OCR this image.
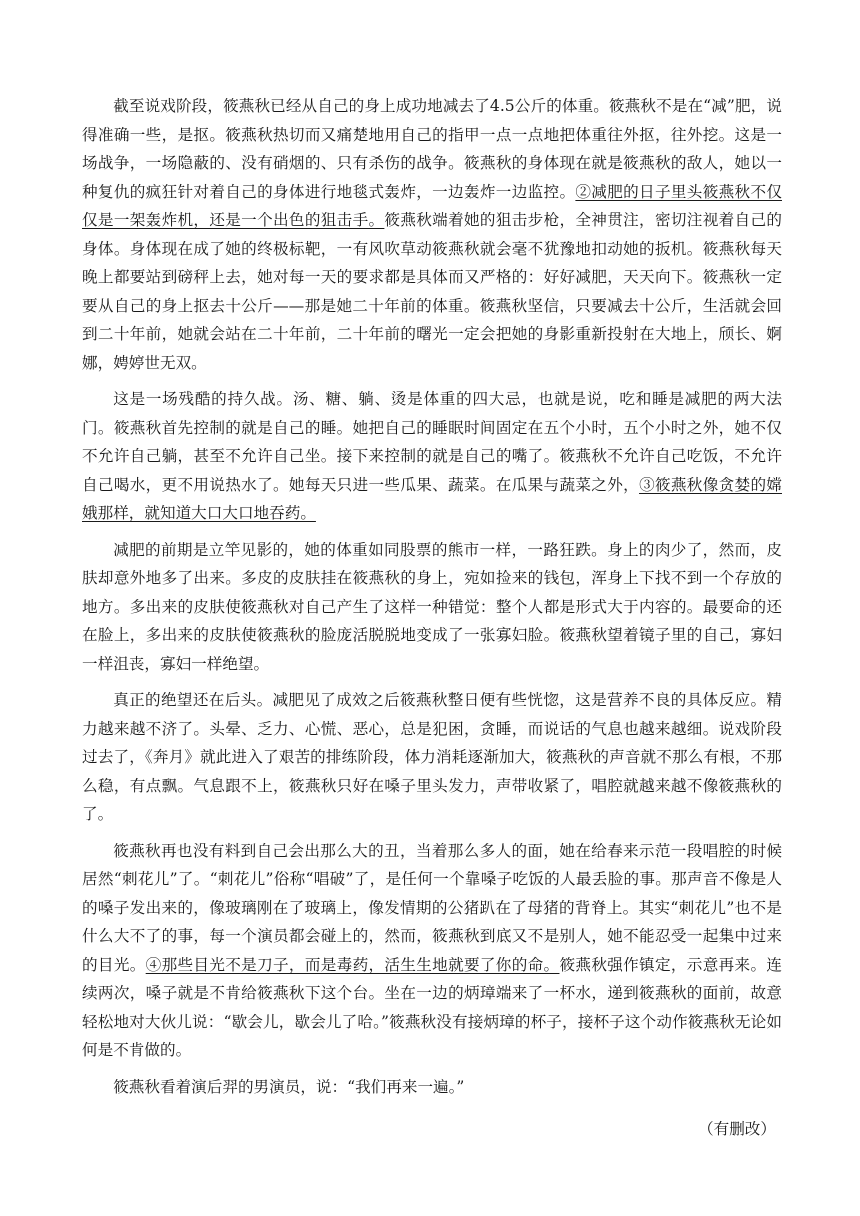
截至说戏阶段，筱燕秋已经从自己的身上成功地减去了4.5公斤的体重。筱燕秋不是在“减”肥，说得准确一些，是抠。筱燕秋热切而又痛楚地用自己的指甲一点一点地把体重往外抠，往外挖。这是一场战争，一场隐蔽的、没有硝烟的、只有杀伤的战争。筱燕秋的身体现在就是筱燕秋的敌人，她以一种复仇的疯狂针对着自己的身体进行地毯式轰炸，一边轰炸一边监控。②减肥的日子里头筱燕秋不仅仅是一架轰炸机，还是一个出色的狙击手。筱燕秋端着她的狙击步枪，全神贯注，密切注视着自己的身体。身体现在成了她的终极标靶，一有风吹草动筱燕秋就会毫不犹豫地扣动她的扳机。筱燕秋每天晚上都要站到磅秤上去，她对每一天的要求都是具体而又严格的：好好减肥，天天向下。筱燕秋一定要从自己的身上抠去十公斤——那是她二十年前的体重。筱燕秋坚信，只要减去十公斤，生活就会回到二十年前，她就会站在二十年前，二十年前的曙光一定会把她的身影重新投射在大地上，颀长、婀娜，娉婷世无双。

这是一场残酷的持久战。汤、糖、躺、烫是体重的四大忌，也就是说，吃和睡是减肥的两大法门。筱燕秋首先控制的就是自己的睡。她把自己的睡眠时间固定在五个小时，五个小时之外，她不仅不允许自己躺，甚至不允许自己坐。接下来控制的就是自己的嘴了。筱燕秋不允许自己吃饭，不允许自己喝水，更不用说热水了。她每天只进一些瓜果、蔬菜。在瓜果与蔬菜之外，③筱燕秋像贪婪的嫦娥那样，就知道大口大口地吞药。

减肥的前期是立竿见影的，她的体重如同股票的熊市一样，一路狂跌。身上的肉少了，然而，皮肤却意外地多了出来。多皮的皮肤挂在筱燕秋的身上，宛如捡来的钱包，浑身上下找不到一个存放的地方。多出来的皮肤使筱燕秋对自己产生了这样一种错觉：整个人都是形式大于内容的。最要命的还在脸上，多出来的皮肤使筱燕秋的脸庞活脱脱地变成了一张寡妇脸。筱燕秋望着镜子里的自己，寡妇一样沮丧，寡妇一样绝望。

真正的绝望还在后头。减肥见了成效之后筱燕秋整日便有些恍惚，这是营养不良的具体反应。精力越来越不济了。头晕、乏力、心慌、恶心，总是犯困，贪睡，而说话的气息也越来越细。说戏阶段过去了，《奔月》就此进入了艰苦的排练阶段，体力消耗逐渐加大，筱燕秋的声音就不那么有根，不那么稳，有点飘。气息跟不上，筱燕秋只好在嗓子里头发力，声带收紧了，唱腔就越来越不像筱燕秋的了。

筱燕秋再也没有料到自己会出那么大的丑，当着那么多人的面，她在给春来示范一段唱腔的时候居然“刺花儿”了。“刺花儿”俗称“唱破”了，是任何一个靠嗓子吃饭的人最丢脸的事。那声音不像是人的嗓子发出来的，像玻璃刚在了玻璃上，像发情期的公猪趴在了母猪的背脊上。其实“刺花儿”也不是什么大不了的事，每一个演员都会碰上的，然而，筱燕秋到底又不是别人，她不能忍受一起集中过来的目光。④那些目光不是刀子，而是毒药，活生生地就要了你的命。筱燕秋强作镇定，示意再来。连续两次，嗓子就是不肯给筱燕秋下这个台。坐在一边的炳璋端来了一杯水，递到筱燕秋的面前，故意轻松地对大伙儿说：“歇会儿，歇会儿了哈。”筱燕秋没有接炳璋的杯子，接杯子这个动作筱燕秋无论如何是不肯做的。

筱燕秋看着演后羿的男演员，说：“我们再来一遍。”

（有删改）
